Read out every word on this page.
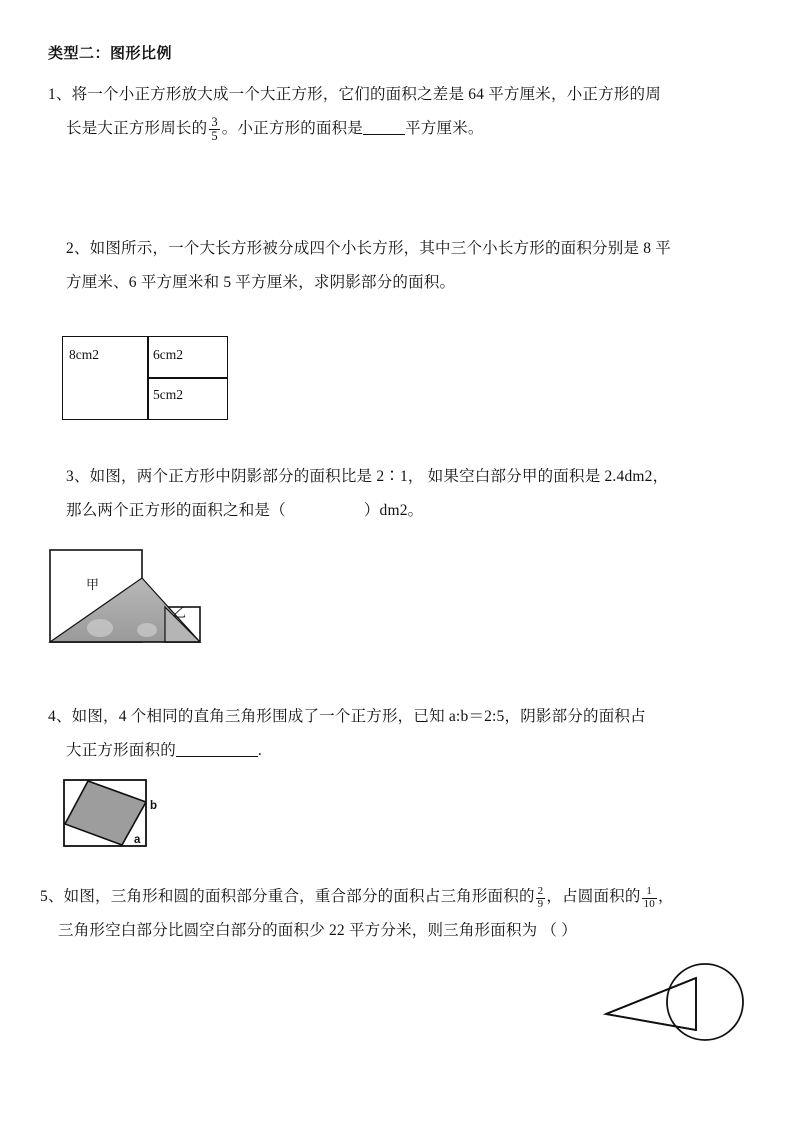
类型二：图形比例
1、将一个小正方形放大成一个大正方形，它们的面积之差是 64 平方厘米，小正方形的周
长是大正方形周长的 $\frac{3}{5}$ 。小正方形的面积是	平方厘米。
2、如图所示，一个大长方形被分成四个小长方形，其中三个小长方形的面积分别是 8 平
方厘米、6 平方厘米和 5 平方厘米，求阴影部分的面积。
8cm2	6cm2
5cm2
3、如图，两个正方形中阴影部分的面积比是 2∶1， 如果空白部分甲的面积是 2.4dm2，
那么两个正方形的面积之和是（	）dm2。
甲
乙
4、如图，4 个相同的直角三角形围成了一个正方形，已知 a:b＝2:5，阴影部分的面积占
大正方形面积的	.
b
a
5、如图，三角形和圆的面积部分重合，重合部分的面积占三角形面积的 $\frac{2}{9}$ ，占圆面积的 $\frac{1}{10}$ ，
三角形空白部分比圆空白部分的面积少 22 平方分米，则三角形面积为 （ ）
